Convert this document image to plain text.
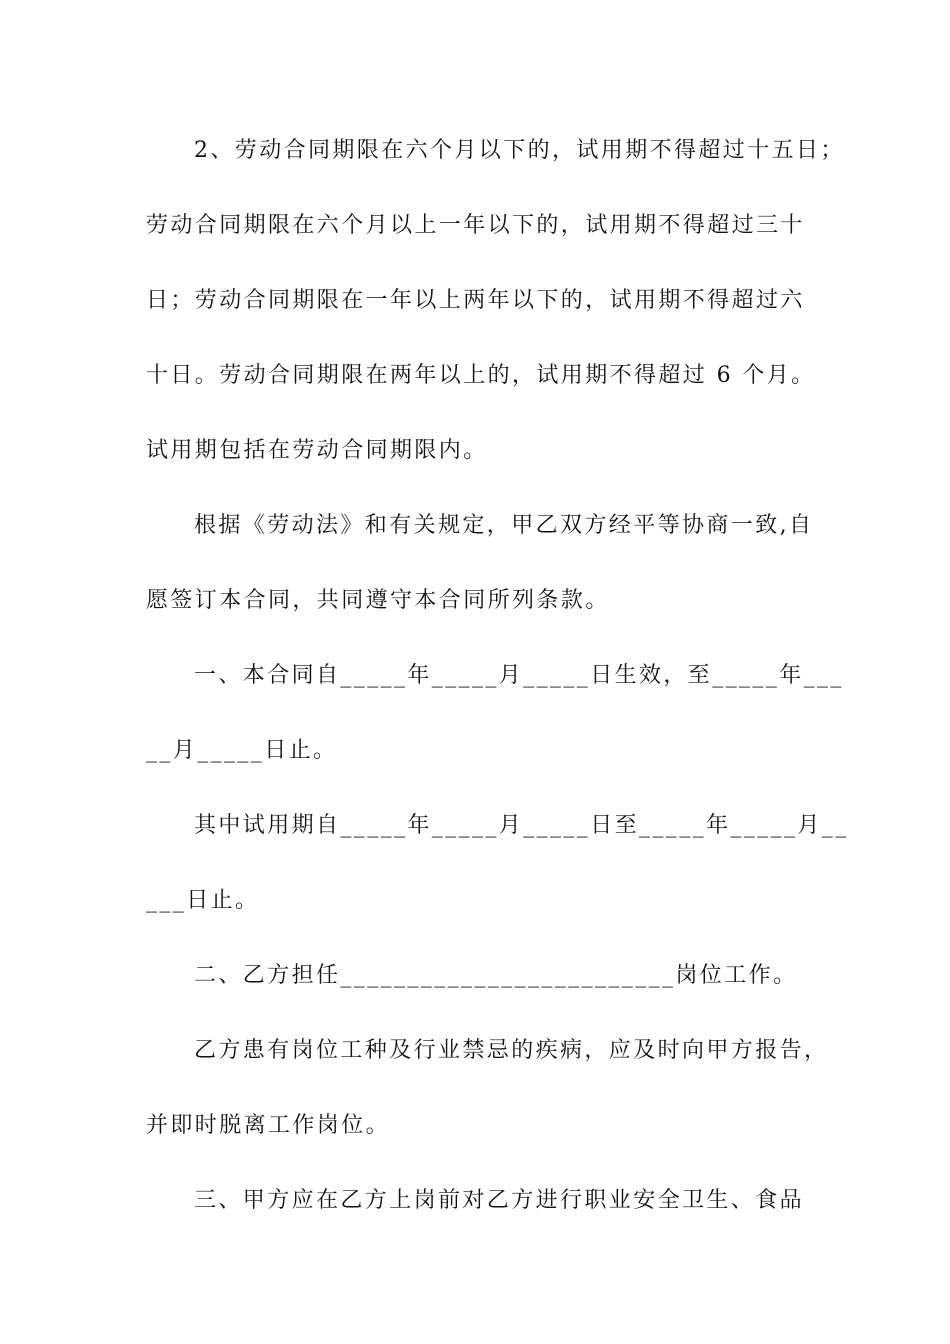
2、劳动合同期限在六个月以下的，试用期不得超过十五日；
劳动合同期限在六个月以上一年以下的，试用期不得超过三十
日；劳动合同期限在一年以上两年以下的，试用期不得超过六
十日。劳动合同期限在两年以上的，试用期不得超过 6 个月。
试用期包括在劳动合同期限内。
根据《劳动法》和有关规定，甲乙双方经平等协商一致,自
愿签订本合同，共同遵守本合同所列条款。
一、本合同自_____年_____月_____日生效，至_____年___
__月_____日止。
其中试用期自_____年_____月_____日至_____年_____月__
___日止。
二、乙方担任_________________________岗位工作。
乙方患有岗位工种及行业禁忌的疾病，应及时向甲方报告，
并即时脱离工作岗位。
三、甲方应在乙方上岗前对乙方进行职业安全卫生、食品
